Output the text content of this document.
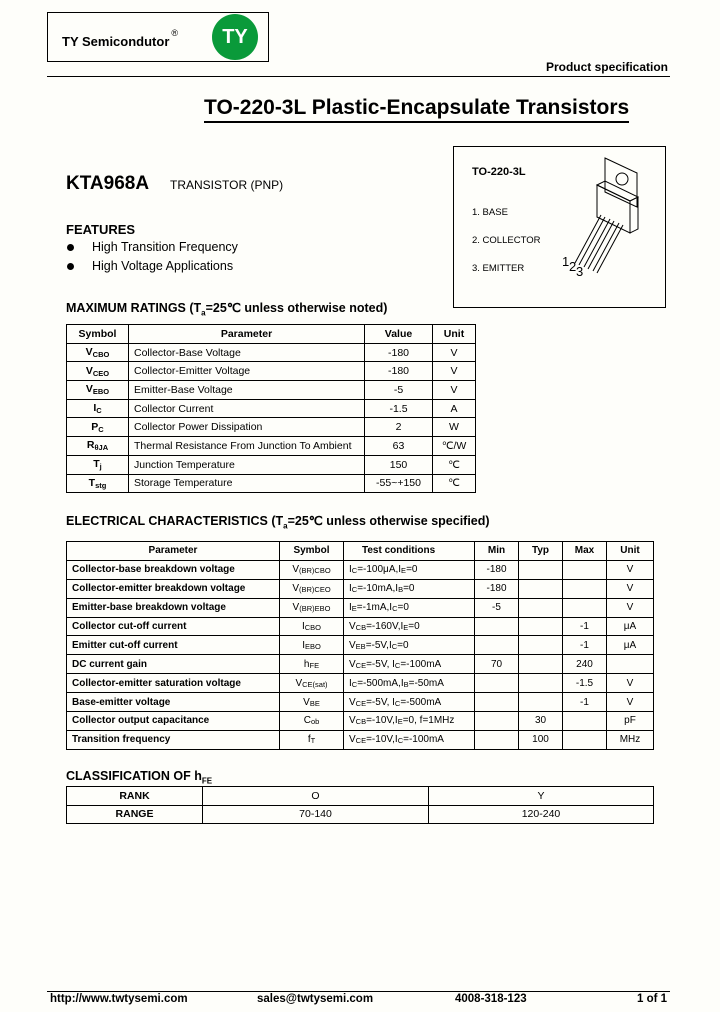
TY Semicondutor®	TY
Product specification
TO-220-3L Plastic-Encapsulate Transistors
KTA968A TRANSISTOR (PNP)
FEATURES
High Transition Frequency
High Voltage Applications
TO-220-3L
1. BASE
2. COLLECTOR
3. EMITTER	1 2 3
MAXIMUM RATINGS ($T_a=25℃$ unless otherwise noted)
Symbol	Parameter	Value	Unit
VCBO	Collector-Base Voltage	-180	V
VCEO	Collector-Emitter Voltage	-180	V
VEBO	Emitter-Base Voltage	-5	V
IC	Collector Current	-1.5	A
PC	Collector Power Dissipation	2	W
RθJA	Thermal Resistance From Junction To Ambient	63	℃/W
Tj	Junction Temperature	150	℃
Tstg	Storage Temperature	-55~+150	℃
ELECTRICAL CHARACTERISTICS ($T_a=25℃$ unless otherwise specified)
Parameter	Symbol	Test conditions	Min	Typ	Max	Unit
Collector-base breakdown voltage	V(BR)CBO	IC=-100μA,IE=0	-180			V
Collector-emitter breakdown voltage	V(BR)CEO	IC=-10mA,IB=0	-180			V
Emitter-base breakdown voltage	V(BR)EBO	IE=-1mA,IC=0	-5			V
Collector cut-off current	ICBO	VCB=-160V,IE=0			-1	μA
Emitter cut-off current	IEBO	VEB=-5V,IC=0			-1	μA
DC current gain	hFE	VCE=-5V, IC=-100mA	70		240	
Collector-emitter saturation voltage	VCE(sat)	IC=-500mA,IB=-50mA			-1.5	V
Base-emitter voltage	VBE	VCE=-5V, IC=-500mA			-1	V
Collector output capacitance	Cob	VCB=-10V,IE=0, f=1MHz		30		pF
Transition frequency	fT	VCE=-10V,IC=-100mA		100		MHz
CLASSIFICATION OF $h_{FE}$
RANK	O	Y
RANGE	70-140	120-240
http://www.twtysemi.com	sales@twtysemi.com	4008-318-123	1 of 1
